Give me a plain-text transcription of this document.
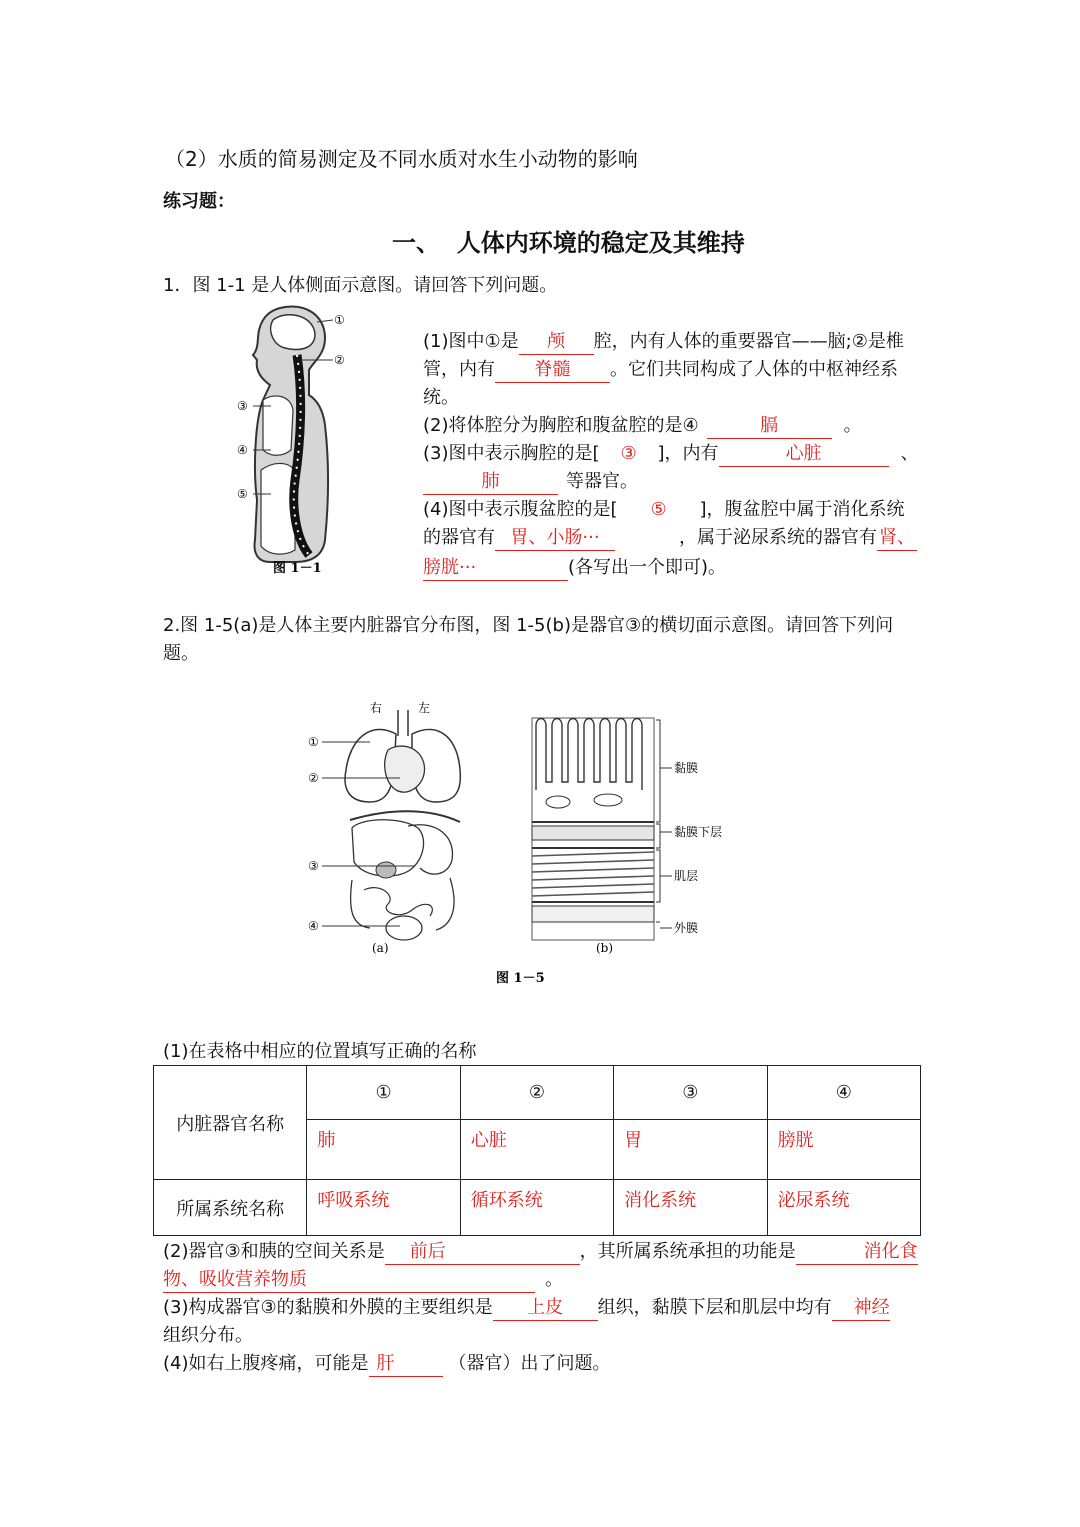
（2）水质的简易测定及不同水质对水生小动物的影响
练习题：
一、  人体内环境的稳定及其维持
1．图 1-1 是人体侧面示意图。请回答下列问题。
①
②
③
④
⑤
图 1－1
(1)图中①是 颅 腔，内有人体的重要器官——脑;②是椎
管，内有 脊髓 。它们共同构成了人体的中枢神经系
统。
(2)将体腔分为胸腔和腹盆腔的是④	膈	。
(3)图中表示胸腔的是[ ③ ]，内有	心脏	、
肺	等器官。
(4)图中表示腹盆腔的是[ ⑤ ]，腹盆腔中属于消化系统
的器官有 胃、小肠···	，属于泌尿系统的器官有 肾、
膀胱···	(各写出一个即可)。
2.图 1-5(a)是人体主要内脏器官分布图，图 1-5(b)是器官③的横切面示意图。请回答下列问
题。
右	左
①
②
③
④
(a)
黏膜
黏膜下层
肌层
外膜
(b)
图 1－5
(1)在表格中相应的位置填写正确的名称
内脏器官名称	①	②	③	④
	肺	心脏	胃	膀胱
所属系统名称	呼吸系统	循环系统	消化系统	泌尿系统
(2)器官③和胰的空间关系是 前后	，其所属系统承担的功能是	消化食
物、吸收营养物质	。
(3)构成器官③的黏膜和外膜的主要组织是 上皮 组织，黏膜下层和肌层中均有 神经
组织分布。
(4)如右上腹疼痛，可能是 肝	（器官）出了问题。
